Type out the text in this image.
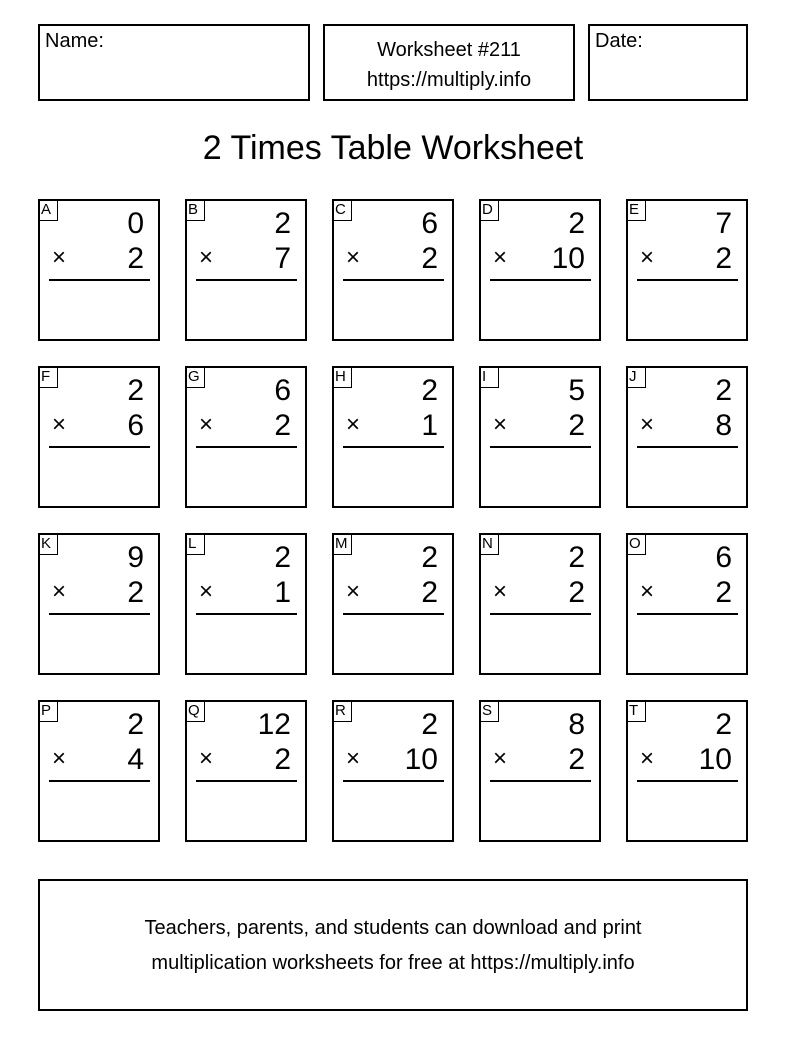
Name:	Worksheet #211
https://multiply.info
Date:
2 Times Table Worksheet
A	0
× 2
B	2
× 7
C	6
× 2
D	2
× 10
E	7
× 2
F	2
× 6
G 6
× 2
H	2
× 1
I	5
× 2
J	2
× 8
K	9
× 2
L	2
× 1
M 2
× 2
N	2
× 2
O 6
× 2
P	2
× 4
Q 12
× 2
R	2
× 10
S	8
× 2
T	2
× 10
Teachers, parents, and students can download and print
multiplication worksheets for free at https://multiply.info
